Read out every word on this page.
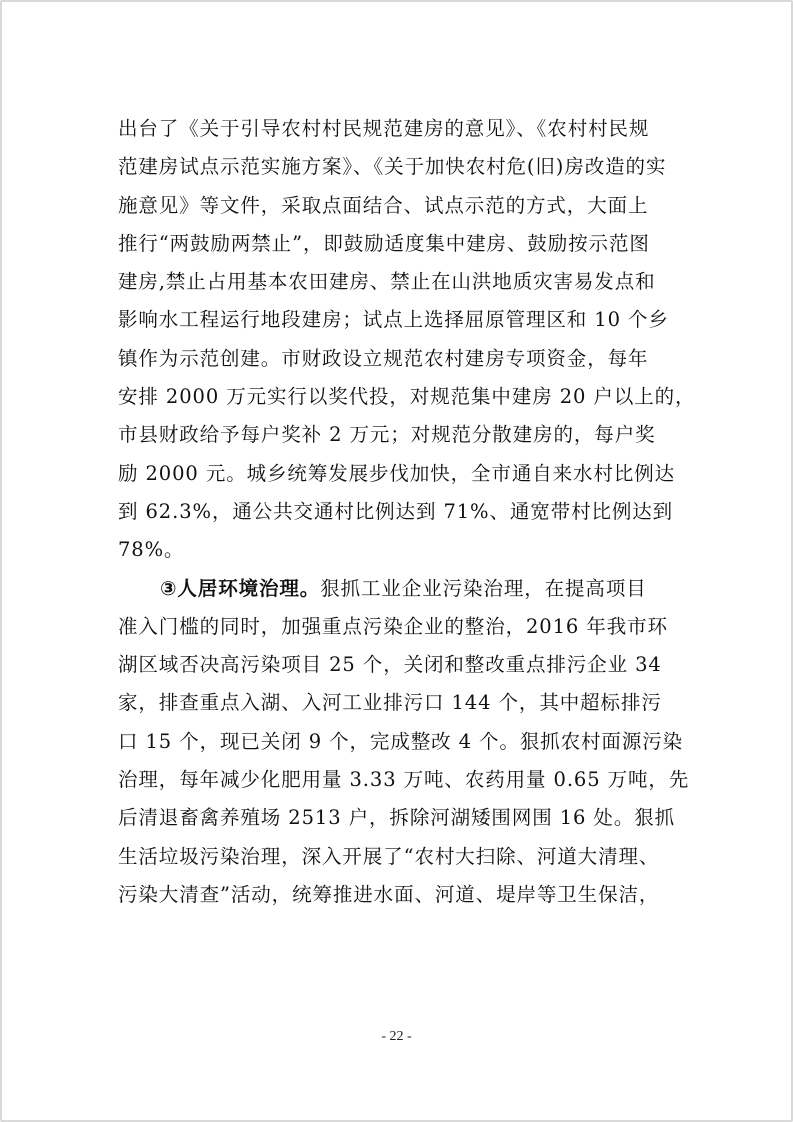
出台了《关于引导农村村民规范建房的意见》、《农村村民规
范建房试点示范实施方案》、《关于加快农村危(旧)房改造的实
施意见》等文件，采取点面结合、试点示范的方式，大面上
推行“两鼓励两禁止”，即鼓励适度集中建房、鼓励按示范图
建房,禁止占用基本农田建房、禁止在山洪地质灾害易发点和
影响水工程运行地段建房；试点上选择屈原管理区和 10 个乡
镇作为示范创建。市财政设立规范农村建房专项资金，每年
安排 2000 万元实行以奖代投，对规范集中建房 20 户以上的，
市县财政给予每户奖补 2 万元；对规范分散建房的，每户奖
励 2000 元。城乡统筹发展步伐加快，全市通自来水村比例达
到 62.3%，通公共交通村比例达到 71%、通宽带村比例达到
78%。
③人居环境治理。狠抓工业企业污染治理，在提高项目
准入门槛的同时，加强重点污染企业的整治，2016 年我市环
湖区域否决高污染项目 25 个，关闭和整改重点排污企业 34
家，排查重点入湖、入河工业排污口 144 个，其中超标排污
口 15 个，现已关闭 9 个，完成整改 4 个。狠抓农村面源污染
治理，每年减少化肥用量 3.33 万吨、农药用量 0.65 万吨，先
后清退畜禽养殖场 2513 户，拆除河湖矮围网围 16 处。狠抓
生活垃圾污染治理，深入开展了“农村大扫除、河道大清理、
污染大清查”活动，统筹推进水面、河道、堤岸等卫生保洁，
- 22 -
